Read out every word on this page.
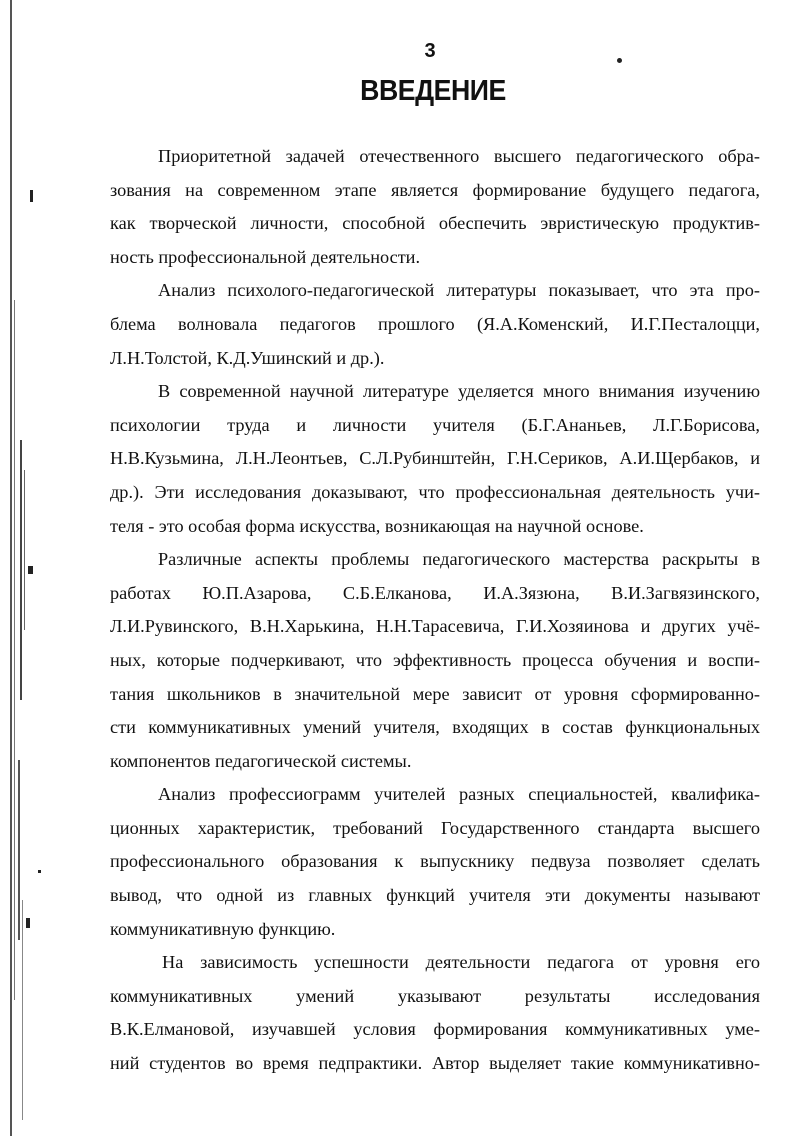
3
ВВЕДЕНИЕ

Приоритетной задачей отечественного высшего педагогического обра-
зования на современном этапе является формирование будущего педагога,
как творческой личности, способной обеспечить эвристическую продуктив-
ность профессиональной деятельности.

Анализ психолого-педагогической литературы показывает, что эта про-
блема волновала педагогов прошлого (Я.А.Коменский, И.Г.Песталоцци,
Л.Н.Толстой, К.Д.Ушинский и др.).

В современной научной литературе уделяется много внимания изучению
психологии труда и личности учителя (Б.Г.Ананьев, Л.Г.Борисова,
Н.В.Кузьмина, Л.Н.Леонтьев, С.Л.Рубинштейн, Г.Н.Сериков, А.И.Щербаков, и
др.). Эти исследования доказывают, что профессиональная деятельность учи-
теля - это особая форма искусства, возникающая на научной основе.

Различные аспекты проблемы педагогического мастерства раскрыты в
работах Ю.П.Азарова, С.Б.Елканова, И.А.Зязюна, В.И.Загвязинского,
Л.И.Рувинского, В.Н.Харькина, Н.Н.Тарасевича, Г.И.Хозяинова и других учё-
ных, которые подчеркивают, что эффективность процесса обучения и воспи-
тания школьников в значительной мере зависит от уровня сформированно-
сти коммуникативных умений учителя, входящих в состав функциональных
компонентов педагогической системы.

Анализ профессиограмм учителей разных специальностей, квалифика-
ционных характеристик, требований Государственного стандарта высшего
профессионального образования к выпускнику педвуза позволяет сделать
вывод, что одной из главных функций учителя эти документы называют
коммуникативную функцию.

На зависимость успешности деятельности педагога от уровня его
коммуникативных умений указывают результаты исследования
В.К.Елмановой, изучавшей условия формирования коммуникативных уме-
ний студентов во время педпрактики. Автор выделяет такие коммуникативно-
